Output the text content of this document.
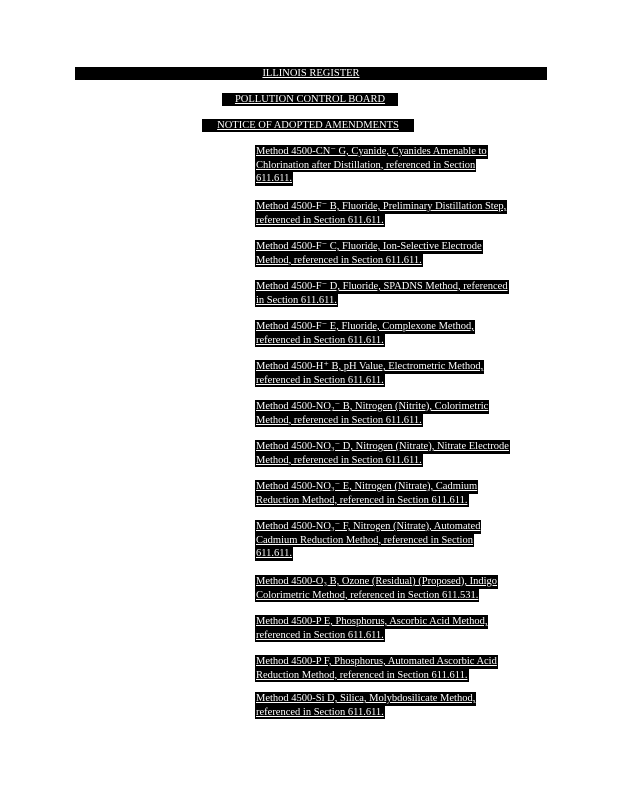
ILLINOIS REGISTER
POLLUTION CONTROL BOARD
NOTICE OF ADOPTED AMENDMENTS
Method 4500-CN⁻ G, Cyanide, Cyanides Amenable to
Chlorination after Distillation, referenced in Section
611.611.
Method 4500-F⁻ B, Fluoride, Preliminary Distillation Step,
referenced in Section 611.611.
Method 4500-F⁻ C, Fluoride, Ion-Selective Electrode
Method, referenced in Section 611.611.
Method 4500-F⁻ D, Fluoride, SPADNS Method, referenced
in Section 611.611.
Method 4500-F⁻ E, Fluoride, Complexone Method,
referenced in Section 611.611.
Method 4500-H⁺ B, pH Value, Electrometric Method,
referenced in Section 611.611.
Method 4500-NO₂⁻ B, Nitrogen (Nitrite), Colorimetric
Method, referenced in Section 611.611.
Method 4500-NO₃⁻ D, Nitrogen (Nitrate), Nitrate Electrode
Method, referenced in Section 611.611.
Method 4500-NO₃⁻ E, Nitrogen (Nitrate), Cadmium
Reduction Method, referenced in Section 611.611.
Method 4500-NO₃⁻ F, Nitrogen (Nitrate), Automated
Cadmium Reduction Method, referenced in Section
611.611.
Method 4500-O₃ B, Ozone (Residual) (Proposed), Indigo
Colorimetric Method, referenced in Section 611.531.
Method 4500-P E, Phosphorus, Ascorbic Acid Method,
referenced in Section 611.611.
Method 4500-P F, Phosphorus, Automated Ascorbic Acid
Reduction Method, referenced in Section 611.611.
Method 4500-Si D, Silica, Molybdosilicate Method,
referenced in Section 611.611.
